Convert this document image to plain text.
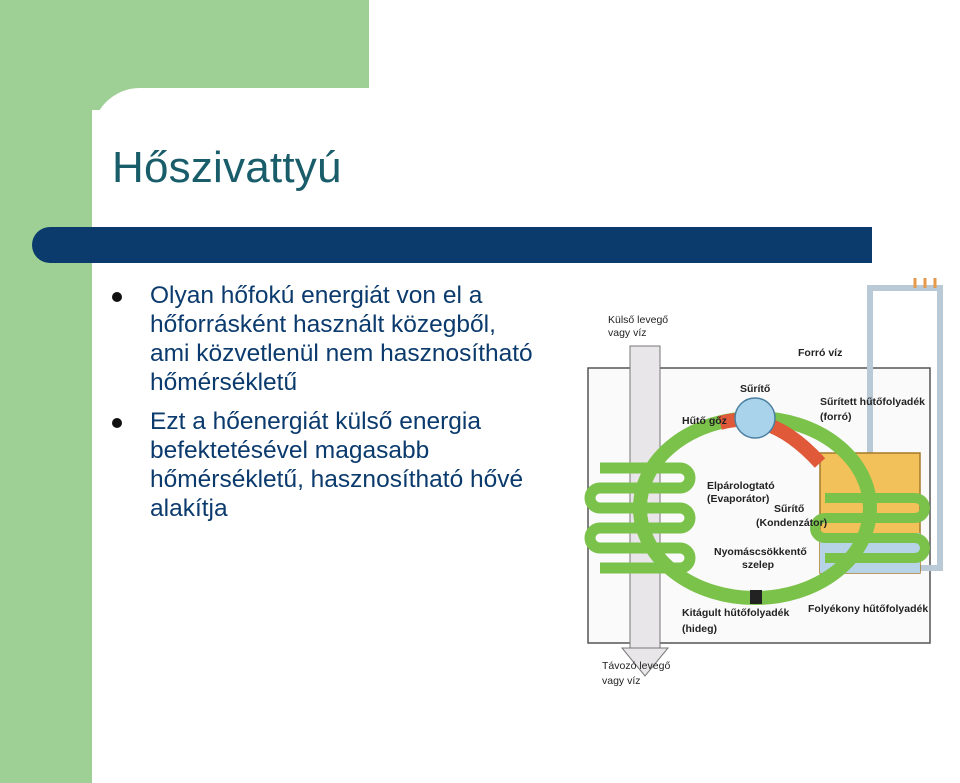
Hőszivattyú
Olyan hőfokú energiát von el a hőforrásként használt közegből, ami közvetlenül nem hasznosítható hőmérsékletű
Ezt a hőenergiát külső energia befektetésével magasabb hőmérsékletű, hasznosítható hővé alakítja
Külső levegő
vagy víz
Forró víz
Sűrítő
Hűtő gőz
Sűrített hűtőfolyadék
(forró)
Elpárologtató
(Evaporátor)
Sűrítő
(Kondenzátor)
Nyomáscsökkentő
szelep
Kitágult hűtőfolyadék
(hideg)
Folyékony hűtőfolyadék
Távozó levegő
vagy víz
